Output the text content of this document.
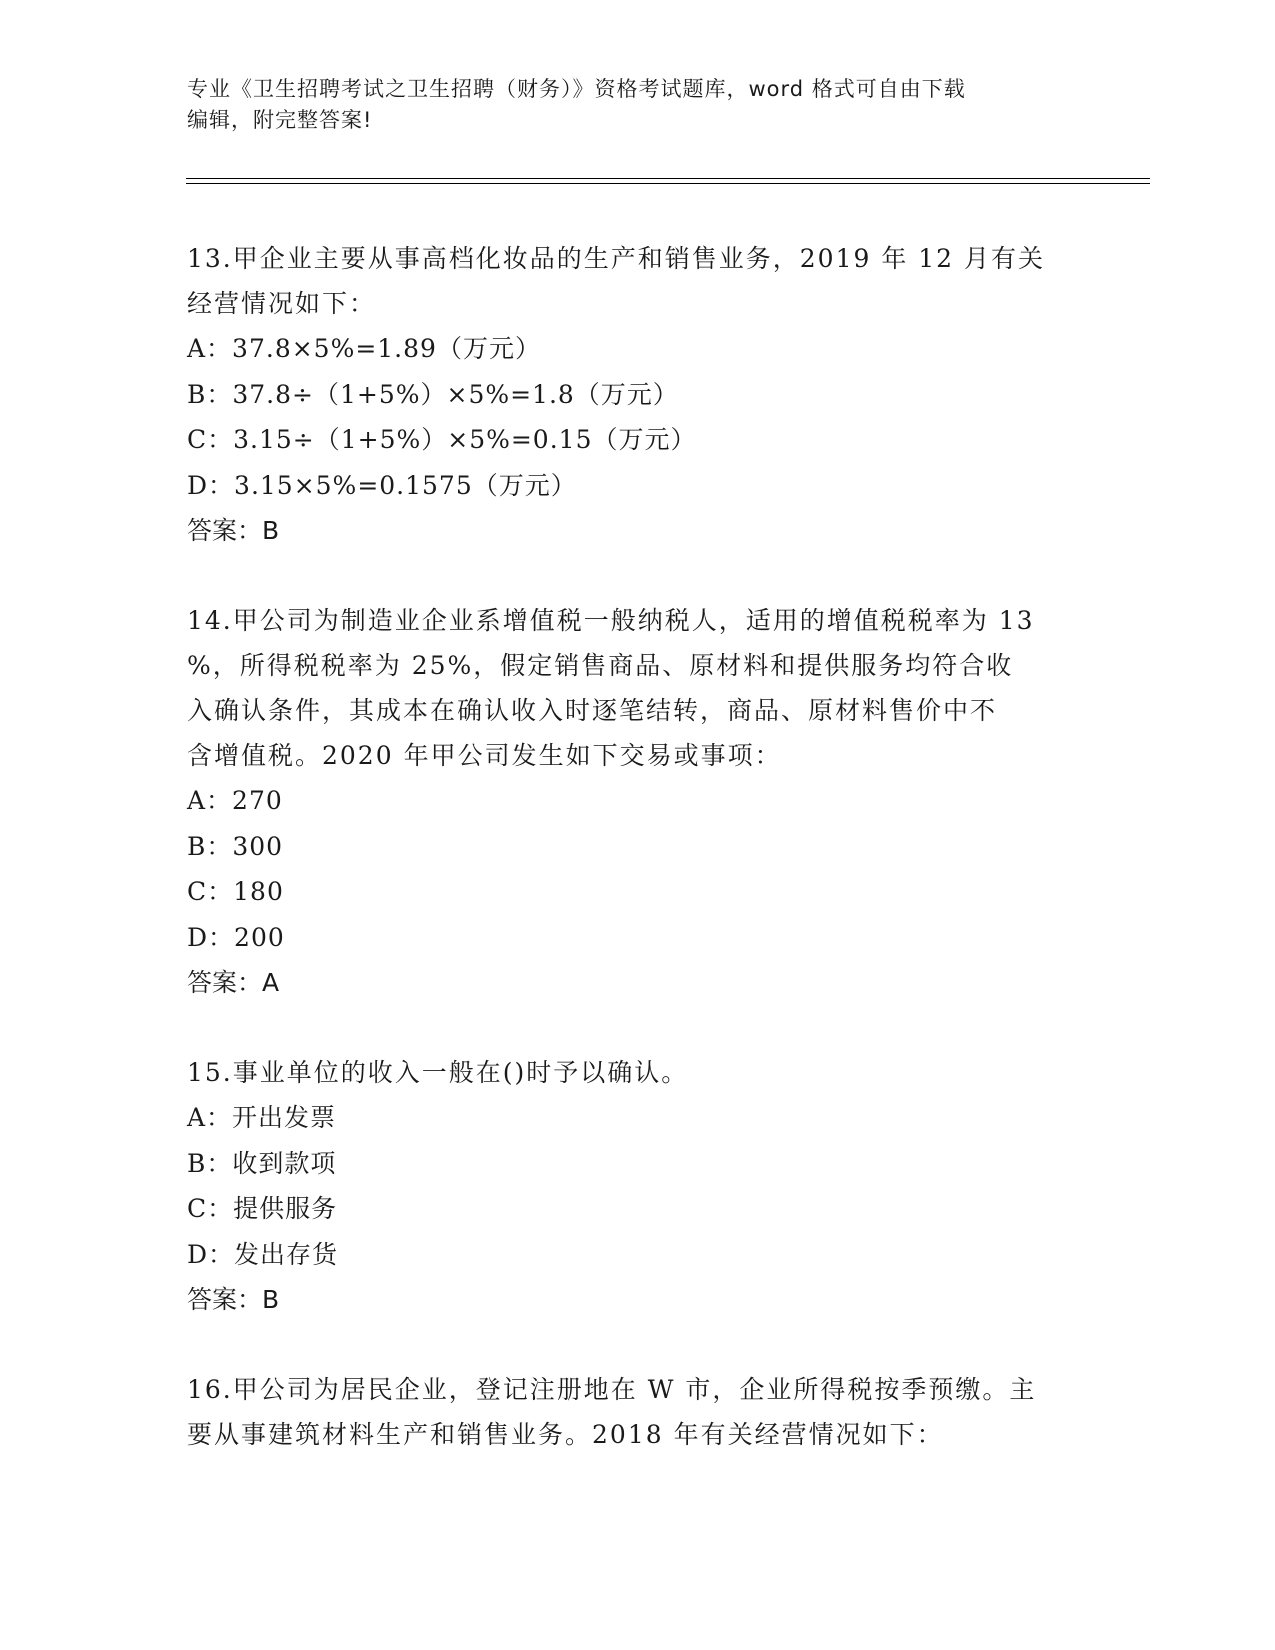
专业《卫生招聘考试之卫生招聘（财务）》资格考试题库，word 格式可自由下载
编辑，附完整答案!
13.甲企业主要从事高档化妆品的生产和销售业务，2019 年 12 月有关
经营情况如下：
A：37.8×5%=1.89（万元）
B：37.8÷（1+5%）×5%=1.8（万元）
C：3.15÷（1+5%）×5%=0.15（万元）
D：3.15×5%=0.1575（万元）
答案：B
14.甲公司为制造业企业系增值税一般纳税人，适用的增值税税率为 13
%，所得税税率为 25%，假定销售商品、原材料和提供服务均符合收
入确认条件，其成本在确认收入时逐笔结转，商品、原材料售价中不
含增值税。2020 年甲公司发生如下交易或事项：
A：270
B：300
C：180
D：200
答案：A
15.事业单位的收入一般在()时予以确认。
A：开出发票
B：收到款项
C：提供服务
D：发出存货
答案：B
16.甲公司为居民企业，登记注册地在 W 市，企业所得税按季预缴。主
要从事建筑材料生产和销售业务。2018 年有关经营情况如下：
